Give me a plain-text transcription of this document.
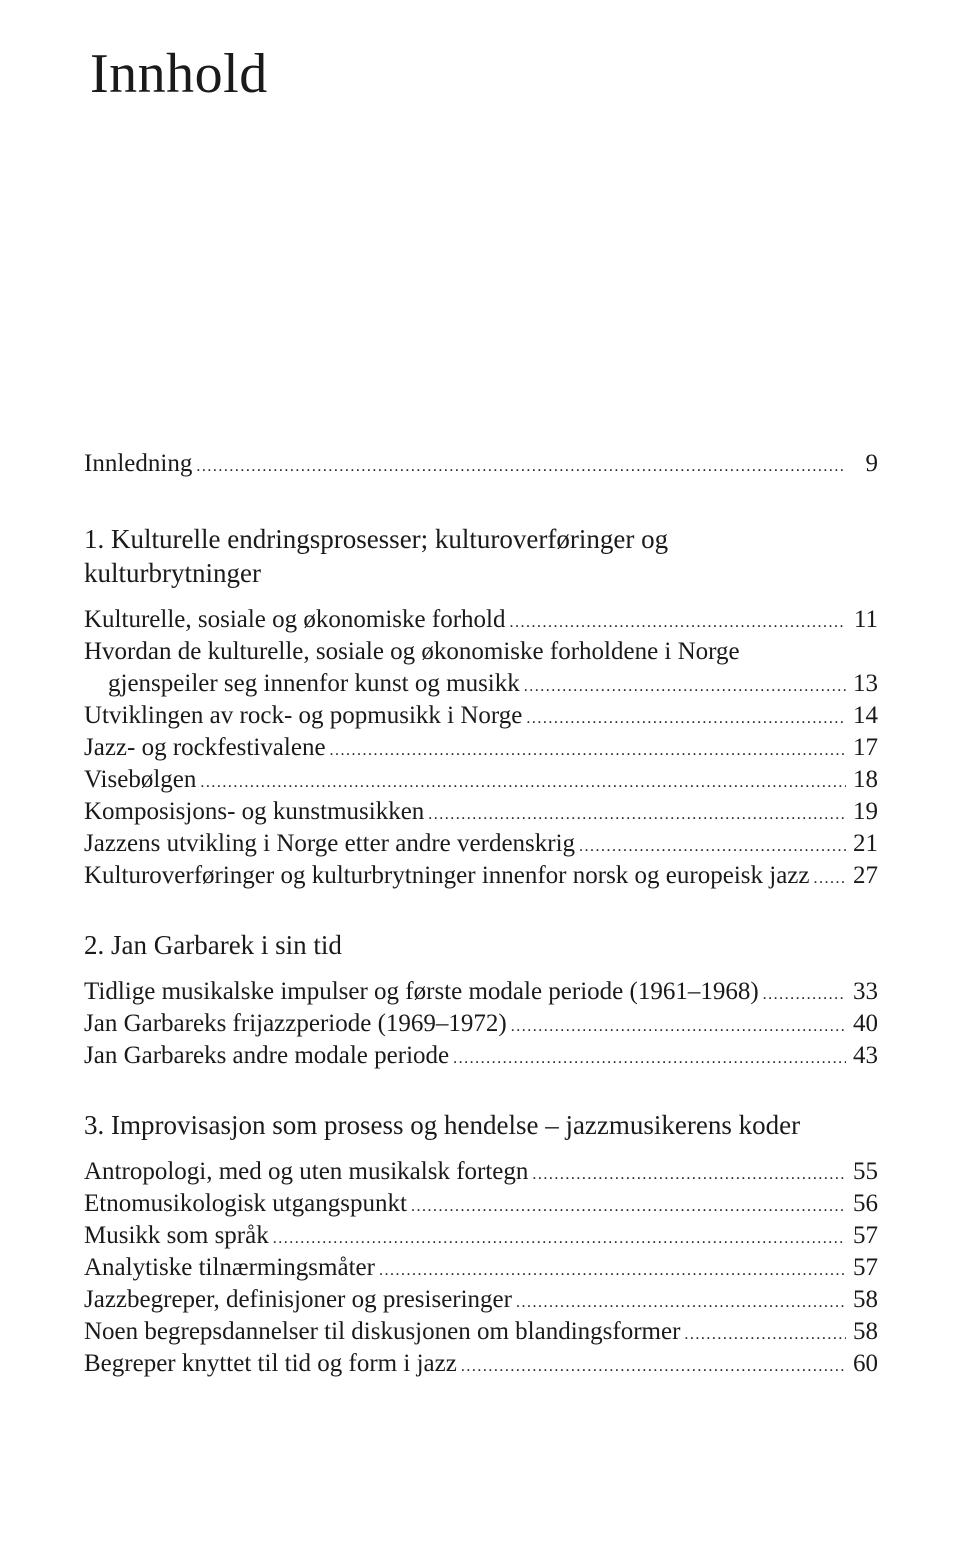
Innhold
Innledning .....	9
1. Kulturelle endringsprosesser; kulturoverføringer og
kulturbrytninger
Kulturelle, sosiale og økonomiske forhold .....	11
Hvordan de kulturelle, sosiale og økonomiske forholdene i Norge
gjenspeiler seg innenfor kunst og musikk .....	13
Utviklingen av rock- og popmusikk i Norge .....	14
Jazz- og rockfestivalene .....	17
Visebølgen .....	18
Komposisjons- og kunstmusikken .....	19
Jazzens utvikling i Norge etter andre verdenskrig .....	21
Kulturoverføringer og kulturbrytninger innenfor norsk og europeisk jazz ..... 27
2. Jan Garbarek i sin tid
Tidlige musikalske impulser og første modale periode (1961–1968) .....	33
Jan Garbareks frijazzperiode (1969–1972) .....	40
Jan Garbareks andre modale periode .....	43
3. Improvisasjon som prosess og hendelse – jazzmusikerens koder
Antropologi, med og uten musikalsk fortegn .....	55
Etnomusikologisk utgangspunkt .....	56
Musikk som språk .....	57
Analytiske tilnærmingsmåter .....	57
Jazzbegreper, definisjoner og presiseringer .....	58
Noen begrepsdannelser til diskusjonen om blandingsformer .....	58
Begreper knyttet til tid og form i jazz .....	60
